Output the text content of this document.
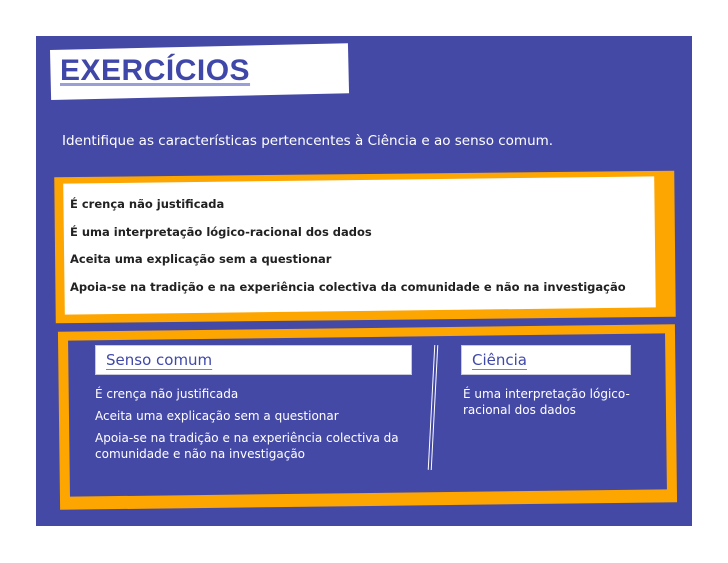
EXERCÍCIOS
Identifique as características pertencentes à Ciência e ao senso comum.
É crença não justificada
É uma interpretação lógico-racional dos dados
Aceita uma explicação sem a questionar
Apoia-se na tradição e na experiência colectiva da comunidade e não na investigação
Senso comum	Ciência
É crença não justificada
Aceita uma explicação sem a questionar
Apoia-se na tradição e na experiência colectiva da comunidade e não na investigação
É uma interpretação lógico-racional dos dados
